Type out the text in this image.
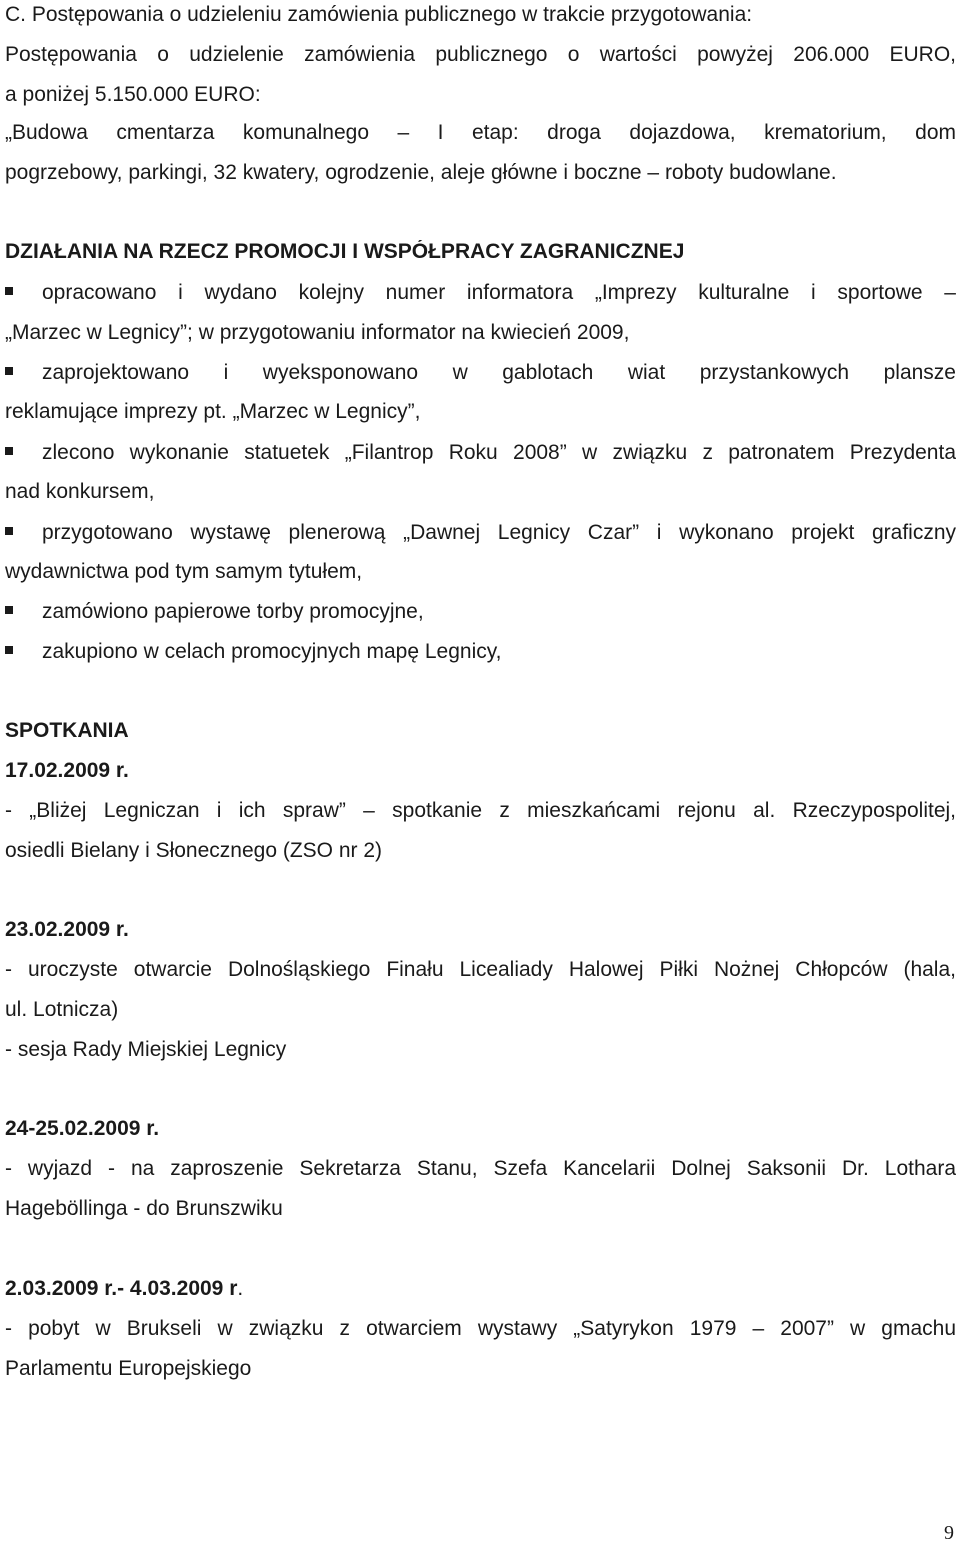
C. Postępowania o udzieleniu zamówienia publicznego w trakcie przygotowania:
Postępowania o udzielenie zamówienia publicznego o wartości powyżej 206.000 EURO,
a poniżej 5.150.000 EURO:
„Budowa cmentarza komunalnego – I etap: droga dojazdowa, krematorium, dom
pogrzebowy, parkingi, 32 kwatery, ogrodzenie, aleje główne i boczne – roboty budowlane.
DZIAŁANIA NA RZECZ PROMOCJI I WSPÓŁPRACY ZAGRANICZNEJ
opracowano i wydano kolejny numer informatora „Imprezy kulturalne i sportowe –
„Marzec w Legnicy”; w przygotowaniu informator na kwiecień 2009,
zaprojektowano i wyeksponowano w gablotach wiat przystankowych plansze
reklamujące imprezy pt. „Marzec w Legnicy”,
zlecono wykonanie statuetek „Filantrop Roku 2008” w związku z patronatem Prezydenta
nad konkursem,
przygotowano wystawę plenerową „Dawnej Legnicy Czar” i wykonano projekt graficzny
wydawnictwa pod tym samym tytułem,
zamówiono papierowe torby promocyjne,
zakupiono w celach promocyjnych mapę Legnicy,
SPOTKANIA
17.02.2009 r.
- „Bliżej Legniczan i ich spraw” – spotkanie z mieszkańcami rejonu al. Rzeczypospolitej,
osiedli Bielany i Słonecznego (ZSO nr 2)
23.02.2009 r.
- uroczyste otwarcie Dolnośląskiego Finału Licealiady Halowej Piłki Nożnej Chłopców (hala,
ul. Lotnicza)
- sesja Rady Miejskiej Legnicy
24-25.02.2009 r.
- wyjazd - na zaproszenie Sekretarza Stanu, Szefa Kancelarii Dolnej Saksonii Dr. Lothara
Hageböllinga - do Brunszwiku
2.03.2009 r.- 4.03.2009 r.
- pobyt w Brukseli w związku z otwarciem wystawy „Satyrykon 1979 – 2007” w gmachu
Parlamentu Europejskiego
9
